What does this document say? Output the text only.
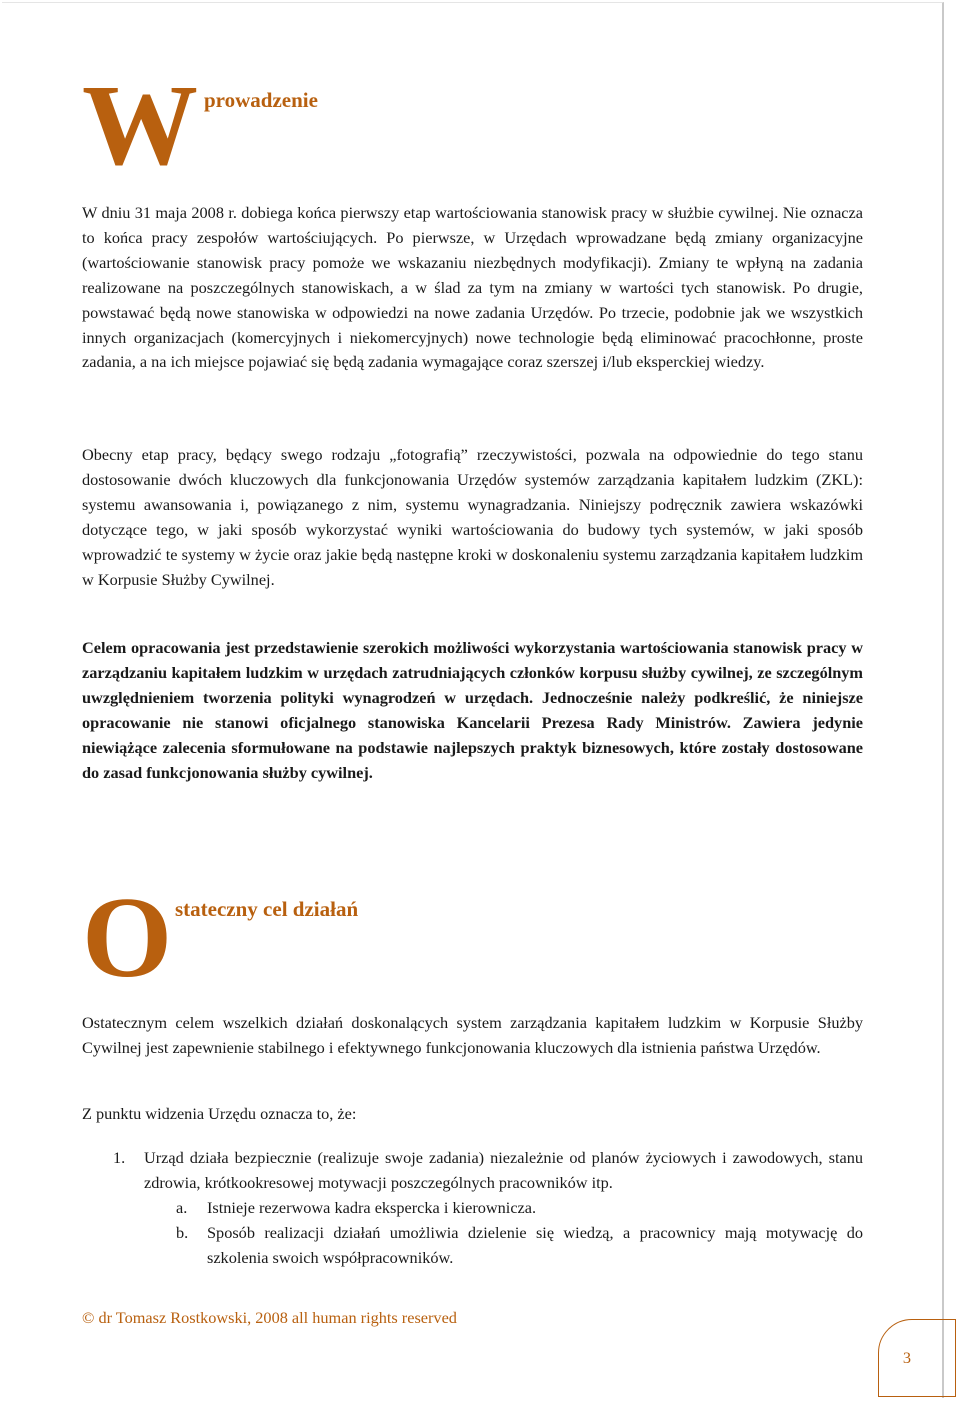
W prowadzenie

W dniu 31 maja 2008 r. dobiega końca pierwszy etap wartościowania stanowisk pracy w służbie cywilnej. Nie oznacza to końca pracy zespołów wartościujących. Po pierwsze, w Urzędach wprowadzane będą zmiany organizacyjne (wartościowanie stanowisk pracy pomoże we wskazaniu niezbędnych modyfikacji). Zmiany te wpłyną na zadania realizowane na poszczególnych stanowiskach, a w ślad za tym na zmiany w wartości tych stanowisk. Po drugie, powstawać będą nowe stanowiska w odpowiedzi na nowe zadania Urzędów. Po trzecie, podobnie jak we wszystkich innych organizacjach (komercyjnych i niekomercyjnych) nowe technologie będą eliminować pracochłonne, proste zadania, a na ich miejsce pojawiać się będą zadania wymagające coraz szerszej i/lub eksperckiej wiedzy.

Obecny etap pracy, będący swego rodzaju „fotografią” rzeczywistości, pozwala na odpowiednie do tego stanu dostosowanie dwóch kluczowych dla funkcjonowania Urzędów systemów zarządzania kapitałem ludzkim (ZKL): systemu awansowania i, powiązanego z nim, systemu wynagradzania. Niniejszy podręcznik zawiera wskazówki dotyczące tego, w jaki sposób wykorzystać wyniki wartościowania do budowy tych systemów, w jaki sposób wprowadzić te systemy w życie oraz jakie będą następne kroki w doskonaleniu systemu zarządzania kapitałem ludzkim w Korpusie Służby Cywilnej.

Celem opracowania jest przedstawienie szerokich możliwości wykorzystania wartościowania stanowisk pracy w zarządzaniu kapitałem ludzkim w urzędach zatrudniających członków korpusu służby cywilnej, ze szczególnym uwzględnieniem tworzenia polityki wynagrodzeń w urzędach. Jednocześnie należy podkreślić, że niniejsze opracowanie nie stanowi oficjalnego stanowiska Kancelarii Prezesa Rady Ministrów. Zawiera jedynie niewiążące zalecenia sformułowane na podstawie najlepszych praktyk biznesowych, które zostały dostosowane do zasad funkcjonowania służby cywilnej.

O stateczny cel działań

Ostatecznym celem wszelkich działań doskonalących system zarządzania kapitałem ludzkim w Korpusie Służby Cywilnej jest zapewnienie stabilnego i efektywnego funkcjonowania kluczowych dla istnienia państwa Urzędów.

Z punktu widzenia Urzędu oznacza to, że:

1. Urząd działa bezpiecznie (realizuje swoje zadania) niezależnie od planów życiowych i zawodowych, stanu zdrowia, krótkookresowej motywacji poszczególnych pracowników itp.

a. Istnieje rezerwowa kadra ekspercka i kierownicza.

b. Sposób realizacji działań umożliwia dzielenie się wiedzą, a pracownicy mają motywację do szkolenia swoich współpracowników.

© dr Tomasz Rostkowski, 2008 all human rights reserved
3
